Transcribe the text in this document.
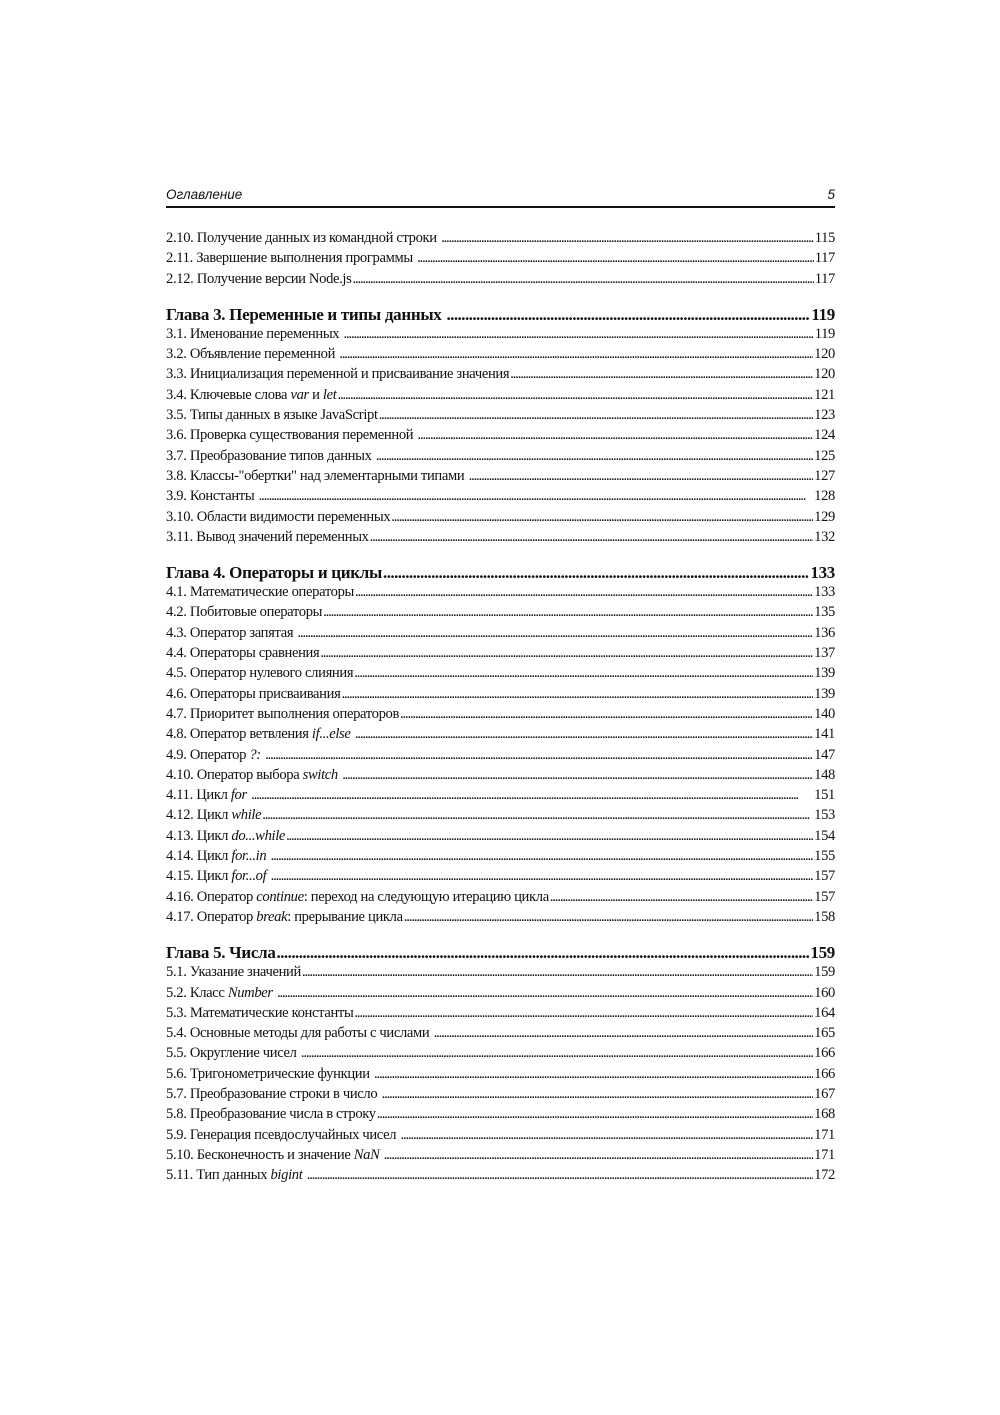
Оглавление	5
2.10. Получение данных из командной строки . . .	115
2.11. Завершение выполнения программы . . .	117
2.12. Получение версии Node.js . . .	117
Глава 3. Переменные и типы данных . . .	119
3.1. Именование переменных . . .	119
3.2. Объявление переменной . . .	120
3.3. Инициализация переменной и присваивание значения . . .	120
3.4. Ключевые слова var и let . . .	121
3.5. Типы данных в языке JavaScript . . .	123
3.6. Проверка существования переменной . . .	124
3.7. Преобразование типов данных . . .	125
3.8. Классы-"обертки" над элементарными типами . . .	127
3.9. Константы . . .	128
3.10. Области видимости переменных . . .	129
3.11. Вывод значений переменных . . .	132
Глава 4. Операторы и циклы . . .	133
4.1. Математические операторы . . .	133
4.2. Побитовые операторы . . .	135
4.3. Оператор запятая . . .	136
4.4. Операторы сравнения . . .	137
4.5. Оператор нулевого слияния . . .	139
4.6. Операторы присваивания . . .	139
4.7. Приоритет выполнения операторов . . .	140
4.8. Оператор ветвления if...else . . .	141
4.9. Оператор ?: . . .	147
4.10. Оператор выбора switch . . .	148
4.11. Цикл for . . .	151
4.12. Цикл while . . .	153
4.13. Цикл do...while . . .	154
4.14. Цикл for...in . . .	155
4.15. Цикл for...of . . .	157
4.16. Оператор continue: переход на следующую итерацию цикла . . .	157
4.17. Оператор break: прерывание цикла . . .	158
Глава 5. Числа . . .	159
5.1. Указание значений . . .	159
5.2. Класс Number . . .	160
5.3. Математические константы . . .	164
5.4. Основные методы для работы с числами . . .	165
5.5. Округление чисел . . .	166
5.6. Тригонометрические функции . . .	166
5.7. Преобразование строки в число . . .	167
5.8. Преобразование числа в строку . . .	168
5.9. Генерация псевдослучайных чисел . . .	171
5.10. Бесконечность и значение NaN . . .	171
5.11. Тип данных bigint . . .	172
